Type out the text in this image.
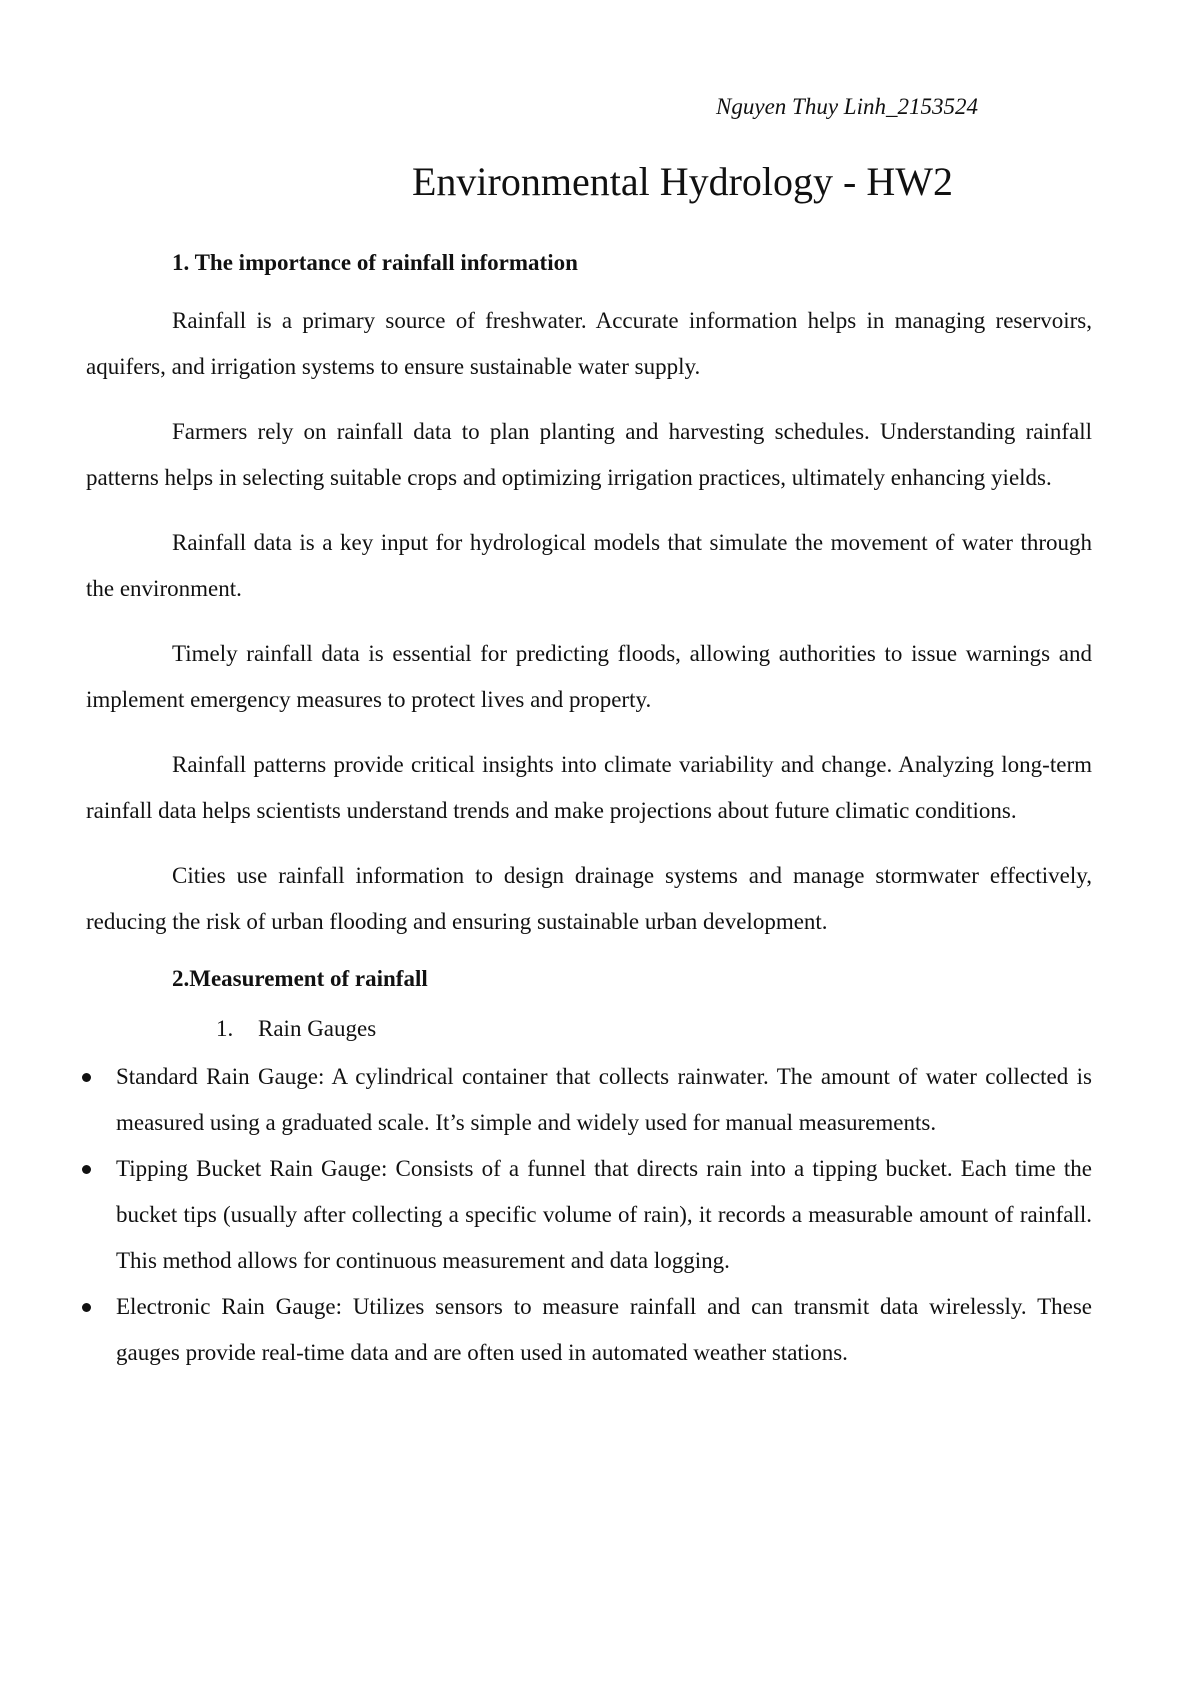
Nguyen Thuy Linh_2153524

Environmental Hydrology - HW2

1. The importance of rainfall information

Rainfall is a primary source of freshwater. Accurate information helps in managing reservoirs, aquifers, and irrigation systems to ensure sustainable water supply.

Farmers rely on rainfall data to plan planting and harvesting schedules. Understanding rainfall patterns helps in selecting suitable crops and optimizing irrigation practices, ultimately enhancing yields.

Rainfall data is a key input for hydrological models that simulate the movement of water through the environment.

Timely rainfall data is essential for predicting floods, allowing authorities to issue warnings and implement emergency measures to protect lives and property.

Rainfall patterns provide critical insights into climate variability and change. Analyzing long-term rainfall data helps scientists understand trends and make projections about future climatic conditions.

Cities use rainfall information to design drainage systems and manage stormwater effectively, reducing the risk of urban flooding and ensuring sustainable urban development.

2.Measurement of rainfall

1. Rain Gauges

Standard Rain Gauge: A cylindrical container that collects rainwater. The amount of water collected is measured using a graduated scale. It’s simple and widely used for manual measurements.
Tipping Bucket Rain Gauge: Consists of a funnel that directs rain into a tipping bucket. Each time the bucket tips (usually after collecting a specific volume of rain), it records a measurable amount of rainfall. This method allows for continuous measurement and data logging.
Electronic Rain Gauge: Utilizes sensors to measure rainfall and can transmit data wirelessly. These gauges provide real-time data and are often used in automated weather stations.
